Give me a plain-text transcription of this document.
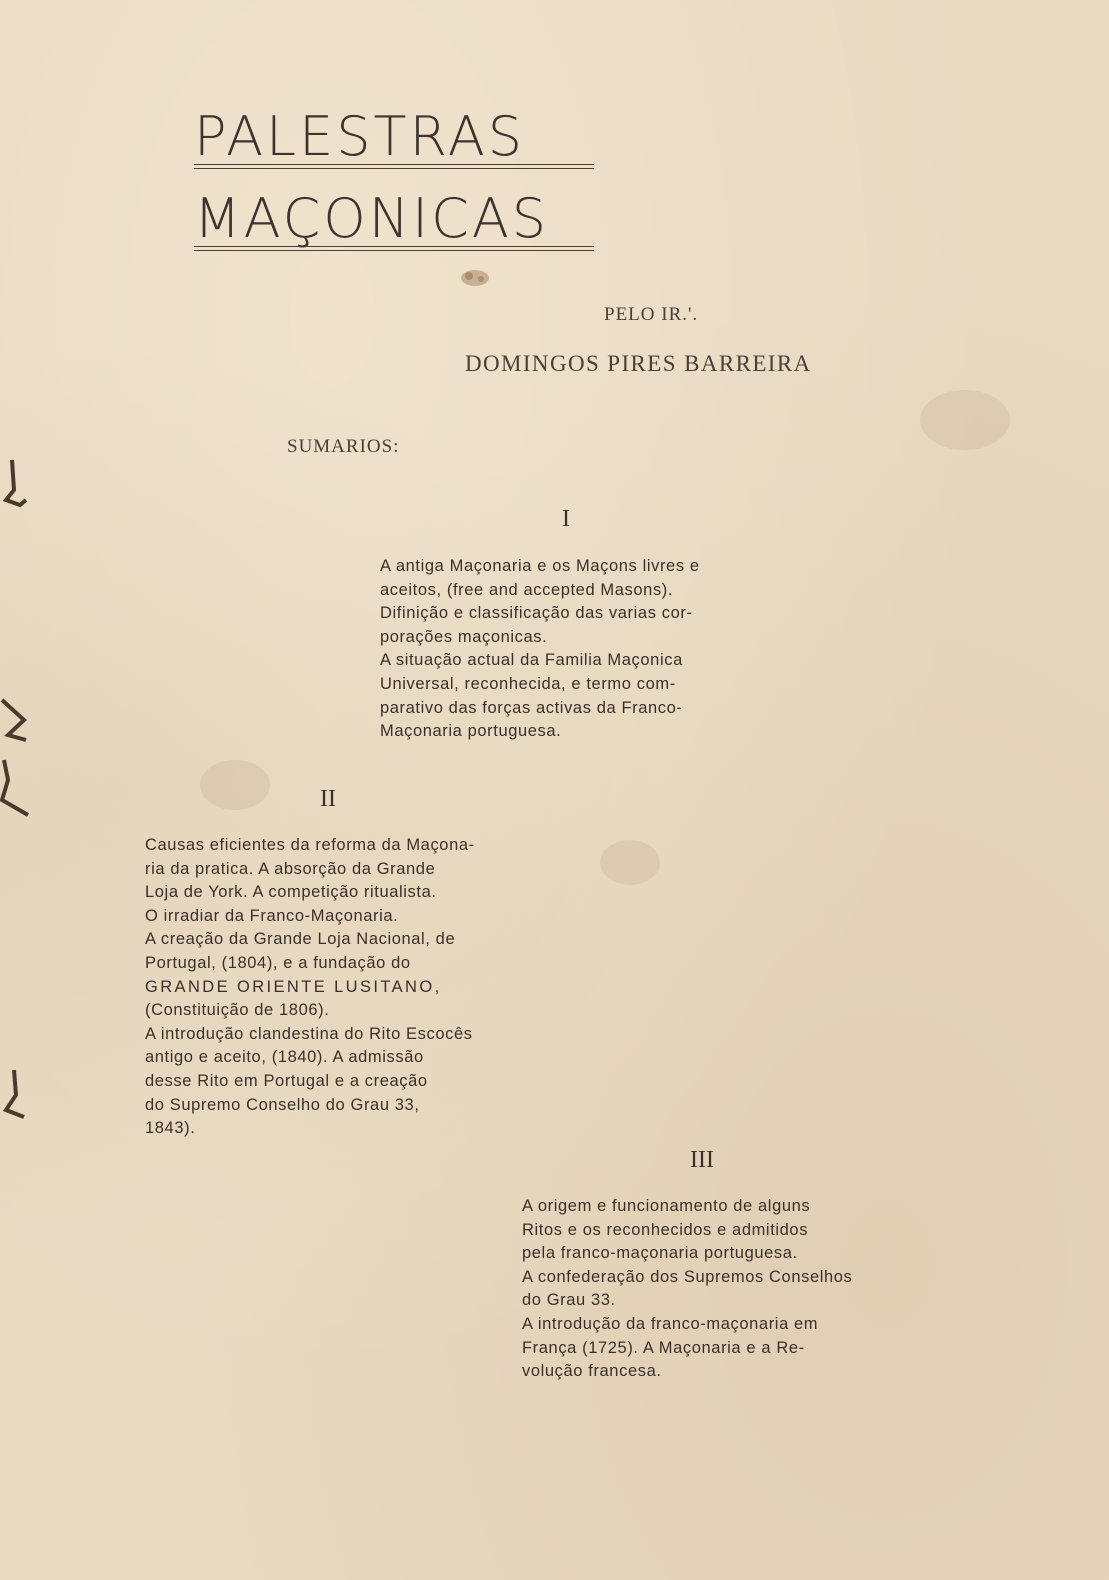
PALESTRAS
MAÇONICAS
PELO IR.'.
DOMINGOS PIRES BARREIRA
SUMARIOS:
I

A antiga Maçonaria e os Maçons livres e
aceitos, (free and accepted Masons).
Difinição e classificação das varias cor-
porações maçonicas.

A situação actual da Familia Maçonica
Universal, reconhecida, e termo com-
parativo das forças activas da Franco-
Maçonaria portuguesa.

II

Causas eficientes da reforma da Maçona-
ria da pratica. A absorção da Grande
Loja de York. A competição ritualista.
O irradiar da Franco-Maçonaria.

A creação da Grande Loja Nacional, de
Portugal, (1804), e a fundação do
GRANDE ORIENTE LUSITANO,
(Constituição de 1806).

A introdução clandestina do Rito Escocês
antigo e aceito, (1840). A admissão
desse Rito em Portugal e a creação
do Supremo Conselho do Grau 33,
1843).

III

A origem e funcionamento de alguns
Ritos e os reconhecidos e admitidos
pela franco-maçonaria portuguesa.

A confederação dos Supremos Conselhos
do Grau 33.

A introdução da franco-maçonaria em
França (1725). A Maçonaria e a Re-
volução francesa.
